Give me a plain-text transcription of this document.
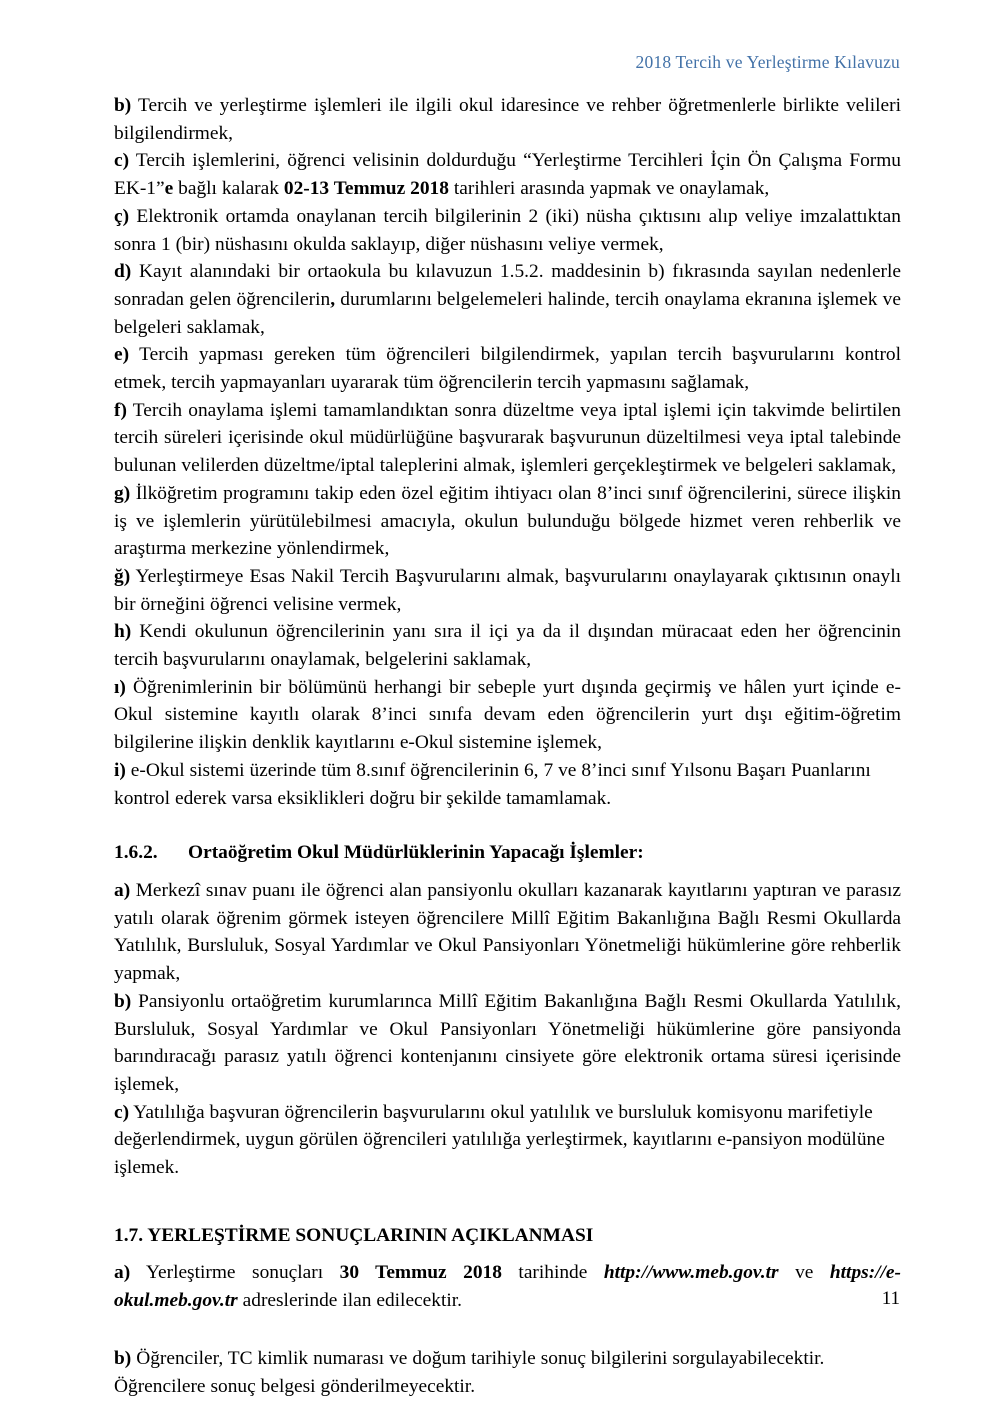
2018 Tercih ve Yerleştirme Kılavuzu

b) Tercih ve yerleştirme işlemleri ile ilgili okul idaresince ve rehber öğretmenlerle birlikte velileri bilgilendirmek,

c) Tercih işlemlerini, öğrenci velisinin doldurduğu “Yerleştirme Tercihleri İçin Ön Çalışma Formu EK-1”e bağlı kalarak 02-13 Temmuz 2018 tarihleri arasında yapmak ve onaylamak,

ç) Elektronik ortamda onaylanan tercih bilgilerinin 2 (iki) nüsha çıktısını alıp veliye imzalattıktan sonra 1 (bir) nüshasını okulda saklayıp, diğer nüshasını veliye vermek,

d) Kayıt alanındaki bir ortaokula bu kılavuzun 1.5.2. maddesinin b) fıkrasında sayılan nedenlerle sonradan gelen öğrencilerin, durumlarını belgelemeleri halinde, tercih onaylama ekranına işlemek ve belgeleri saklamak,

e) Tercih yapması gereken tüm öğrencileri bilgilendirmek, yapılan tercih başvurularını kontrol etmek, tercih yapmayanları uyararak tüm öğrencilerin tercih yapmasını sağlamak,

f) Tercih onaylama işlemi tamamlandıktan sonra düzeltme veya iptal işlemi için takvimde belirtilen tercih süreleri içerisinde okul müdürlüğüne başvurarak başvurunun düzeltilmesi veya iptal talebinde bulunan velilerden düzeltme/iptal taleplerini almak, işlemleri gerçekleştirmek ve belgeleri saklamak,

g) İlköğretim programını takip eden özel eğitim ihtiyacı olan 8’inci sınıf öğrencilerini, sürece ilişkin iş ve işlemlerin yürütülebilmesi amacıyla, okulun bulunduğu bölgede hizmet veren rehberlik ve araştırma merkezine yönlendirmek,

ğ) Yerleştirmeye Esas Nakil Tercih Başvurularını almak, başvurularını onaylayarak çıktısının onaylı bir örneğini öğrenci velisine vermek,

h) Kendi okulunun öğrencilerinin yanı sıra il içi ya da il dışından müracaat eden her öğrencinin tercih başvurularını onaylamak, belgelerini saklamak,

ı) Öğrenimlerinin bir bölümünü herhangi bir sebeple yurt dışında geçirmiş ve hâlen yurt içinde e-Okul sistemine kayıtlı olarak 8’inci sınıfa devam eden öğrencilerin yurt dışı eğitim-öğretim bilgilerine ilişkin denklik kayıtlarını e-Okul sistemine işlemek,

i) e-Okul sistemi üzerinde tüm 8.sınıf öğrencilerinin 6, 7 ve 8’inci sınıf Yılsonu Başarı Puanlarını kontrol ederek varsa eksiklikleri doğru bir şekilde tamamlamak.

1.6.2. Ortaöğretim Okul Müdürlüklerinin Yapacağı İşlemler:

a) Merkezî sınav puanı ile öğrenci alan pansiyonlu okulları kazanarak kayıtlarını yaptıran ve parasız yatılı olarak öğrenim görmek isteyen öğrencilere Millî Eğitim Bakanlığına Bağlı Resmi Okullarda Yatılılık, Bursluluk, Sosyal Yardımlar ve Okul Pansiyonları Yönetmeliği hükümlerine göre rehberlik yapmak,

b) Pansiyonlu ortaöğretim kurumlarınca Millî Eğitim Bakanlığına Bağlı Resmi Okullarda Yatılılık, Bursluluk, Sosyal Yardımlar ve Okul Pansiyonları Yönetmeliği hükümlerine göre pansiyonda barındıracağı parasız yatılı öğrenci kontenjanını cinsiyete göre elektronik ortama süresi içerisinde işlemek,

c) Yatılılığa başvuran öğrencilerin başvurularını okul yatılılık ve bursluluk komisyonu marifetiyle değerlendirmek, uygun görülen öğrencileri yatılılığa yerleştirmek, kayıtlarını e-pansiyon modülüne işlemek.

1.7. YERLEŞTİRME SONUÇLARININ AÇIKLANMASI

a) Yerleştirme sonuçları 30 Temmuz 2018 tarihinde http://www.meb.gov.tr ve https://e-okul.meb.gov.tr adreslerinde ilan edilecektir.

b) Öğrenciler, TC kimlik numarası ve doğum tarihiyle sonuç bilgilerini sorgulayabilecektir. Öğrencilere sonuç belgesi gönderilmeyecektir.

11
